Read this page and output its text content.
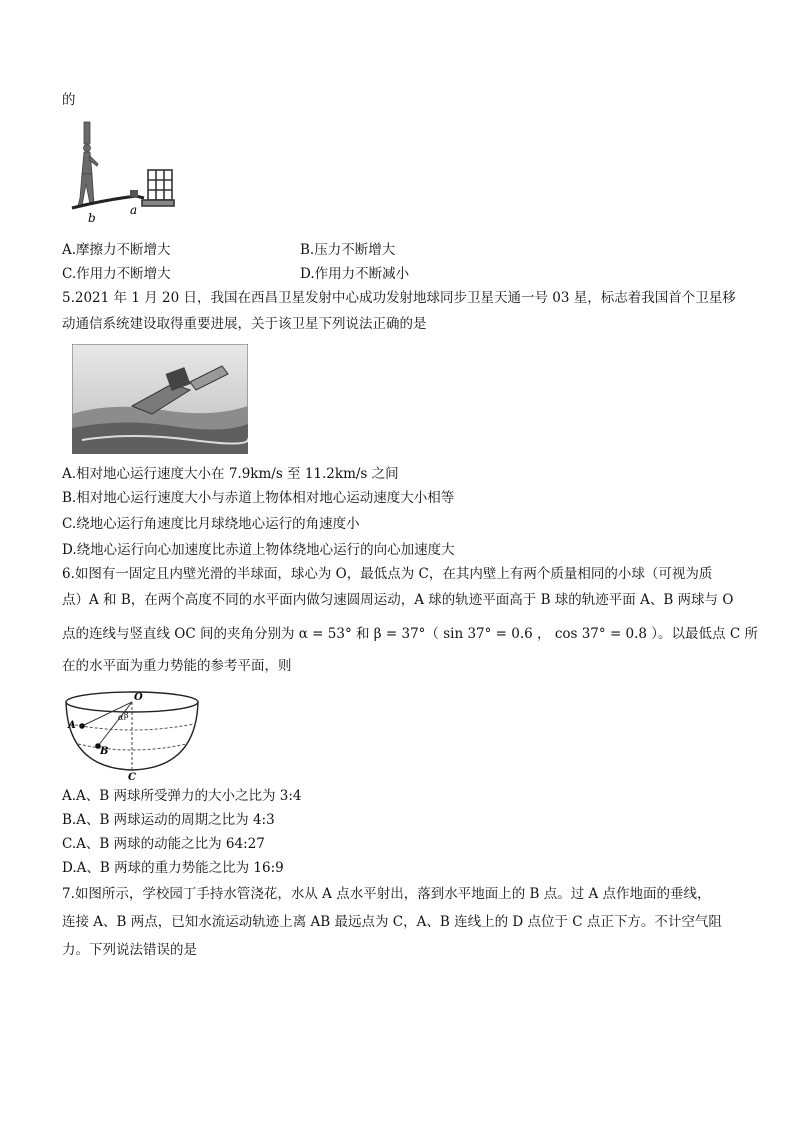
的
b
a
A.摩擦力不断增大	B.压力不断增大
C.作用力不断增大	D.作用力不断减小
5.2021 年 1 月 20 日，我国在西昌卫星发射中心成功发射地球同步卫星天通一号 03 星，标志着我国首个卫星移
动通信系统建设取得重要进展，关于该卫星下列说法正确的是
A.相对地心运行速度大小在 7.9km/s 至 11.2km/s 之间
B.相对地心运行速度大小与赤道上物体相对地心运动速度大小相等
C.绕地心运行角速度比月球绕地心运行的角速度小
D.绕地心运行向心加速度比赤道上物体绕地心运行的向心加速度大
6.如图有一固定且内壁光滑的半球面，球心为 O，最低点为 C，在其内壁上有两个质量相同的小球（可视为质
点）A 和 B，在两个高度不同的水平面内做匀速圆周运动，A 球的轨迹平面高于 B 球的轨迹平面 A、B 两球与 O
点的连线与竖直线 OC 间的夹角分别为 α = 53° 和 β = 37°（ sin 37° = 0.6 ， cos 37° = 0.8 ）。以最低点 C 所
在的水平面为重力势能的参考平面，则
O
A
B
C
α β
A.A、B 两球所受弹力的大小之比为 3:4
B.A、B 两球运动的周期之比为 4:3
C.A、B 两球的动能之比为 64:27
D.A、B 两球的重力势能之比为 16:9
7.如图所示，学校园丁手持水管浇花，水从 A 点水平射出，落到水平地面上的 B 点。过 A 点作地面的垂线，
连接 A、B 两点，已知水流运动轨迹上离 AB 最远点为 C，A、B 连线上的 D 点位于 C 点正下方。不计空气阻
力。下列说法错误的是
